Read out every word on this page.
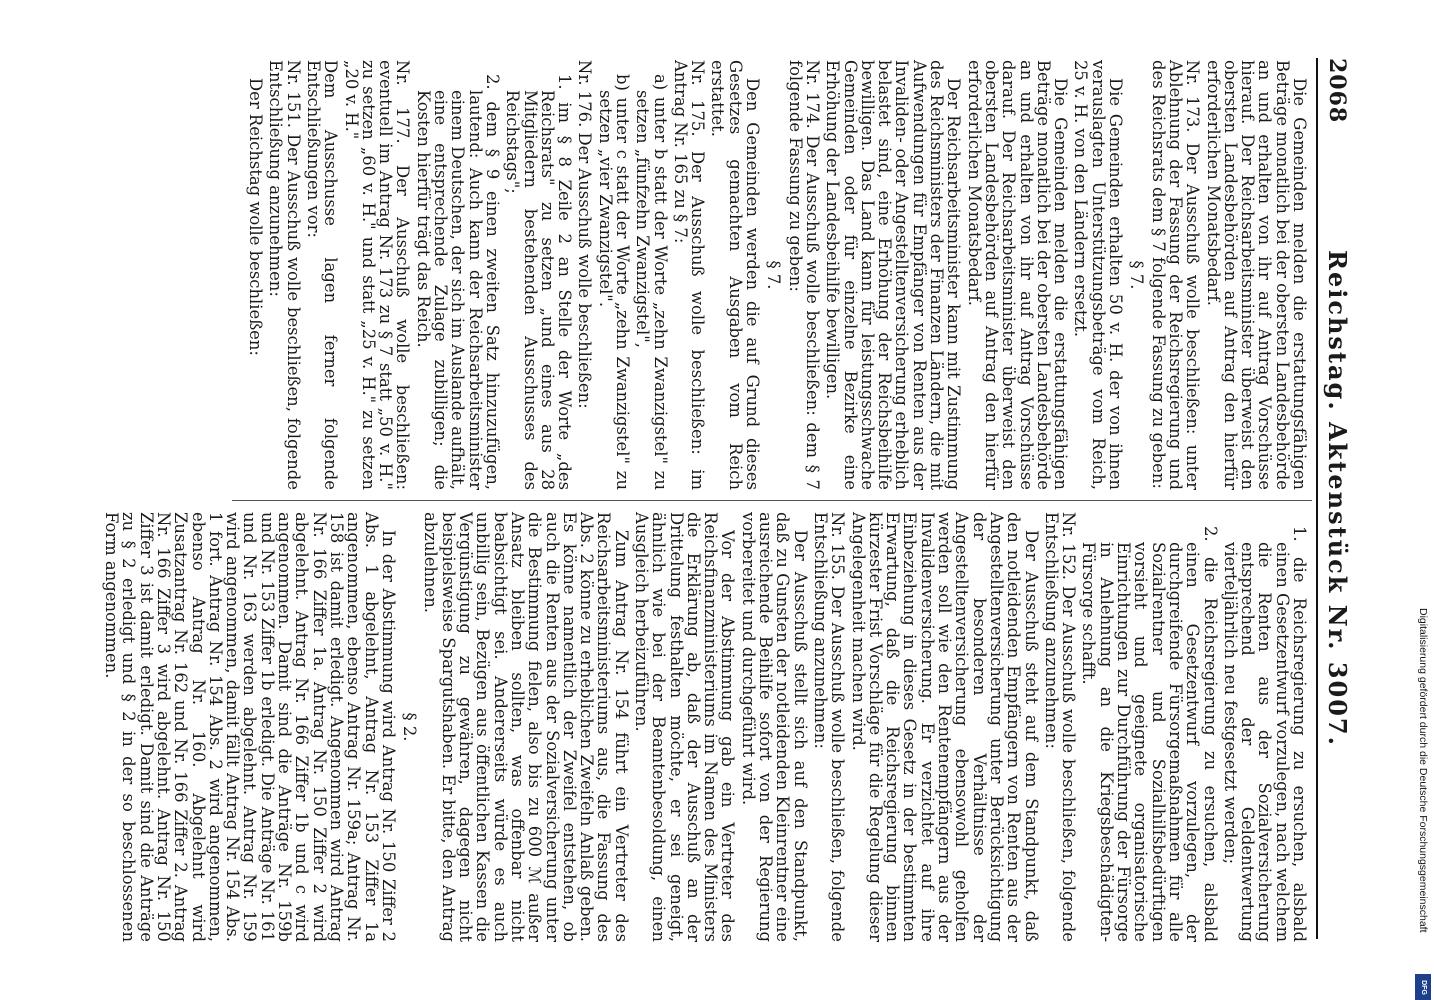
2068
Reichstag. Aktenstück Nr. 3007.

Die Gemeinden melden die erstattungsfähigen Beträge monatlich bei der obersten Landesbehörde an und erhalten von ihr auf Antrag Vorschüsse hierauf. Der Reichsarbeitsminister überweist den obersten Landesbehörden auf Antrag den hierfür erforderlichen Monatsbedarf.

Nr. 173. Der Ausschuß wolle beschließen: unter Ablehnung der Fassung der Reichsregierung und des Reichsrats dem § 7 folgende Fassung zu geben:

§ 7.

Die Gemeinden erhalten 50 v. H. der von ihnen verauslagten Unterstützungsbeträge vom Reich, 25 v. H. von den Ländern ersetzt.

Die Gemeinden melden die erstattungsfähigen Beträge monatlich bei der obersten Landesbehörde an und erhalten von ihr auf Antrag Vorschüsse darauf. Der Reichsarbeitsminister überweist den obersten Landesbehörden auf Antrag den hierfür erforderlichen Monatsbedarf.

Der Reichsarbeitsminister kann mit Zustimmung des Reichsministers der Finanzen Ländern, die mit Aufwendungen für Empfänger von Renten aus der Invaliden- oder Angestelltenversicherung erheblich belastet sind, eine Erhöhung der Reichsbeihilfe bewilligen. Das Land kann für leistungsschwache Gemeinden oder für einzelne Bezirke eine Erhöhung der Landesbeihilfe bewilligen.

Nr. 174. Der Ausschuß wolle beschließen: dem § 7 folgende Fassung zu geben:

§ 7.

Den Gemeinden werden die auf Grund dieses Gesetzes gemachten Ausgaben vom Reich erstattet.

Nr. 175. Der Ausschuß wolle beschließen: im Antrag Nr. 165 zu § 7:

a) unter b statt der Worte „zehn Zwanzigstel" zu setzen „fünfzehn Zwanzigstel",

b) unter c statt der Worte „zehn Zwanzigstel" zu setzen „vier Zwanzigstel".

Nr. 176. Der Ausschuß wolle beschließen:

1. im § 8 Zeile 2 an Stelle der Worte „des Reichsrats" zu setzen „und eines aus 28 Mitgliedern bestehenden Ausschusses des Reichstags";

2. dem § 9 einen zweiten Satz hinzuzufügen, lautend: Auch kann der Reichsarbeitsminister einem Deutschen, der sich im Auslande aufhält, eine entsprechende Zulage zubilligen; die Kosten hierfür trägt das Reich.

Nr. 177. Der Ausschuß wolle beschließen: eventuell im Antrag Nr. 173 zu § 7 statt „50 v. H." zu setzen „60 v. H." und statt „25 v. H." zu setzen „20 v. H."

Dem Ausschusse lagen ferner folgende Entschließungen vor:

Nr. 151. Der Ausschuß wolle beschließen, folgende Entschließung anzunehmen:

Der Reichstag wolle beschließen:

1. die Reichsregierung zu ersuchen, alsbald einen Gesetzentwurf vorzulegen, nach welchem die Renten aus der Sozialversicherung entsprechend der Geldentwertung vierteljährlich neu festgesetzt werden;

2. die Reichsregierung zu ersuchen, alsbald einen Gesetzentwurf vorzulegen, der durchgreifende Fürsorgemaßnahmen für alle Sozialrentner und Sozialhilfsbedürftigen vorsieht und geeignete organisatorische Einrichtungen zur Durchführung der Fürsorge in Anlehnung an die Kriegsbeschädigten-Fürsorge schafft.

Nr. 152. Der Ausschuß wolle beschließen, folgende Entschließung anzunehmen:

Der Ausschuß steht auf dem Standpunkt, daß den notleidenden Empfängern von Renten aus der Angestelltenversicherung unter Berücksichtigung der besonderen Verhältnisse der Angestelltenversicherung ebensowohl geholfen werden soll wie den Rentenempfängern aus der Invalidenversicherung. Er verzichtet auf ihre Einbeziehung in dieses Gesetz in der bestimmten Erwartung, daß die Reichsregierung binnen kürzester Frist Vorschläge für die Regelung dieser Angelegenheit machen wird.

Nr. 155. Der Ausschuß wolle beschließen, folgende Entschließung anzunehmen:

Der Ausschuß stellt sich auf den Standpunkt, daß zu Gunsten der notleidenden Kleinrentner eine ausreichende Beihilfe sofort von der Regierung vorbereitet und durchgeführt wird.

Vor der Abstimmung gab ein Vertreter des Reichsfinanzministeriums im Namen des Ministers die Erklärung ab, daß der Ausschuß an der Drittelung festhalten möchte, er sei geneigt, ähnlich wie bei der Beamtenbesoldung, einen Ausgleich herbeizuführen.

Zum Antrag Nr. 154 führt ein Vertreter des Reichsarbeitsministeriums aus, die Fassung des Abs. 2 könne zu erheblichen Zweifeln Anlaß geben. Es könne namentlich der Zweifel entstehen, ob auch die Renten aus der Sozialversicherung unter die Bestimmung fielen, also bis zu 600 ℳ außer Ansatz bleiben sollten, was offenbar nicht beabsichtigt sei. Andererseits würde es auch unbillig sein, Bezügen aus öffentlichen Kassen die Vergünstigung zu gewähren, dagegen nicht beispielsweise Spargutshaben. Er bitte, den Antrag abzulehnen.

§ 2.

In der Abstimmung wird Antrag Nr. 150 Ziffer 2 Abs. 1 abgelehnt, Antrag Nr. 153 Ziffer 1a angenommen, ebenso Antrag Nr. 159a; Antrag Nr. 158 ist damit erledigt. Angenommen wird Antrag Nr. 166 Ziffer 1a. Antrag Nr. 150 Ziffer 2 wird abgelehnt. Antrag Nr. 166 Ziffer 1b und c wird angenommen. Damit sind die Anträge Nr. 159b und Nr. 153 Ziffer 1b erledigt. Die Anträge Nr. 161 und Nr. 163 werden abgelehnt. Antrag Nr. 159 wird angenommen, damit fällt Antrag Nr. 154 Abs. 1 fort. Antrag Nr. 154 Abs. 2 wird angenommen, ebenso Antrag Nr. 160. Abgelehnt wird Zusatzantrag Nr. 162 und Nr. 166 Ziffer 2. Antrag Nr. 166 Ziffer 3 wird abgelehnt. Antrag Nr. 150 Ziffer 3 ist damit erledigt. Damit sind die Anträge zu § 2 erledigt und § 2 in der so beschlossenen Form angenommen.

Digitalisierung gefördert durch die Deutsche Forschungsgemeinschaft
DFG
